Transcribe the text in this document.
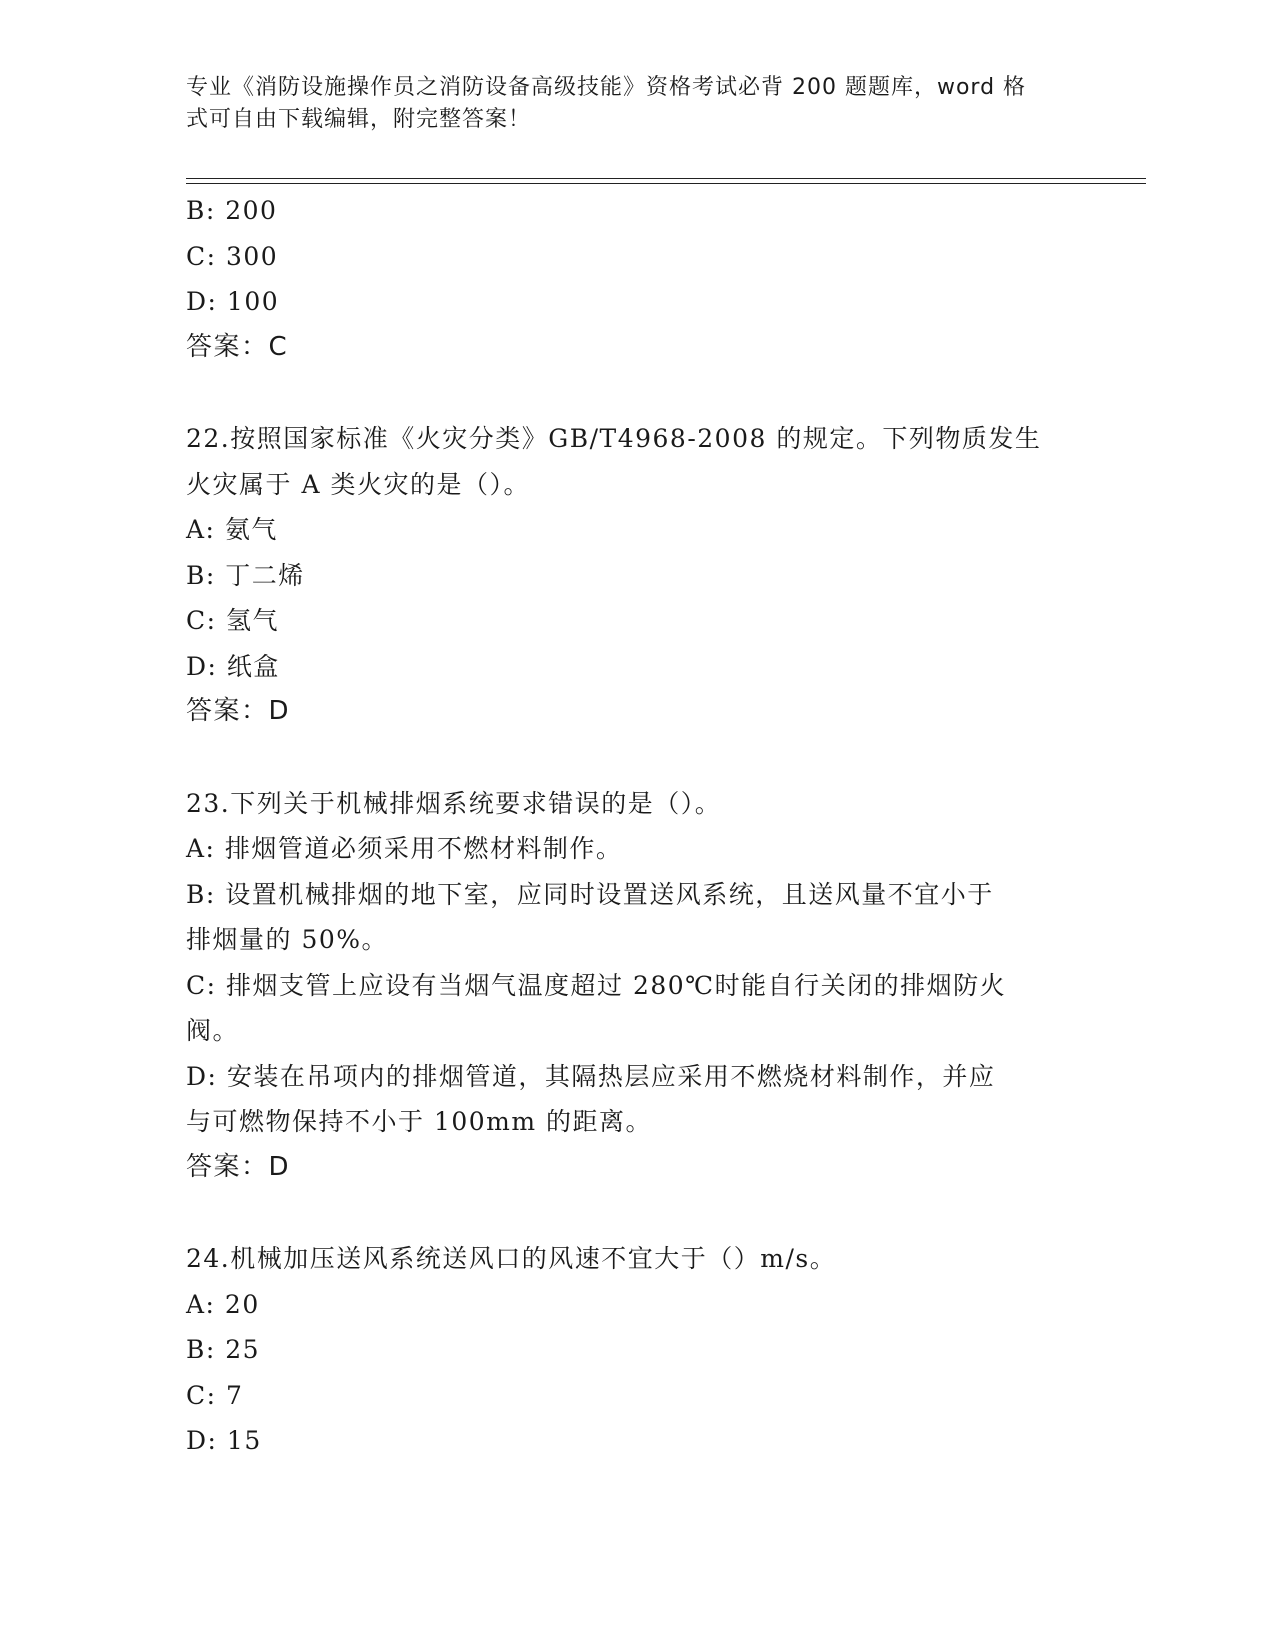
专业《消防设施操作员之消防设备高级技能》资格考试必背 200 题题库，word 格
式可自由下载编辑，附完整答案！

B: 200

C: 300

D: 100

答案：C

22.按照国家标准《火灾分类》GB/T4968-2008 的规定。下列物质发生

火灾属于 A 类火灾的是（）。

A: 氨气

B: 丁二烯

C: 氢气

D: 纸盒

答案：D

23.下列关于机械排烟系统要求错误的是（）。

A: 排烟管道必须采用不燃材料制作。

B: 设置机械排烟的地下室，应同时设置送风系统，且送风量不宜小于

排烟量的 50%。

C: 排烟支管上应设有当烟气温度超过 280℃时能自行关闭的排烟防火

阀。

D: 安装在吊项内的排烟管道，其隔热层应采用不燃烧材料制作，并应

与可燃物保持不小于 100mm 的距离。

答案：D

24.机械加压送风系统送风口的风速不宜大于（）m/s。

A: 20

B: 25

C: 7

D: 15
